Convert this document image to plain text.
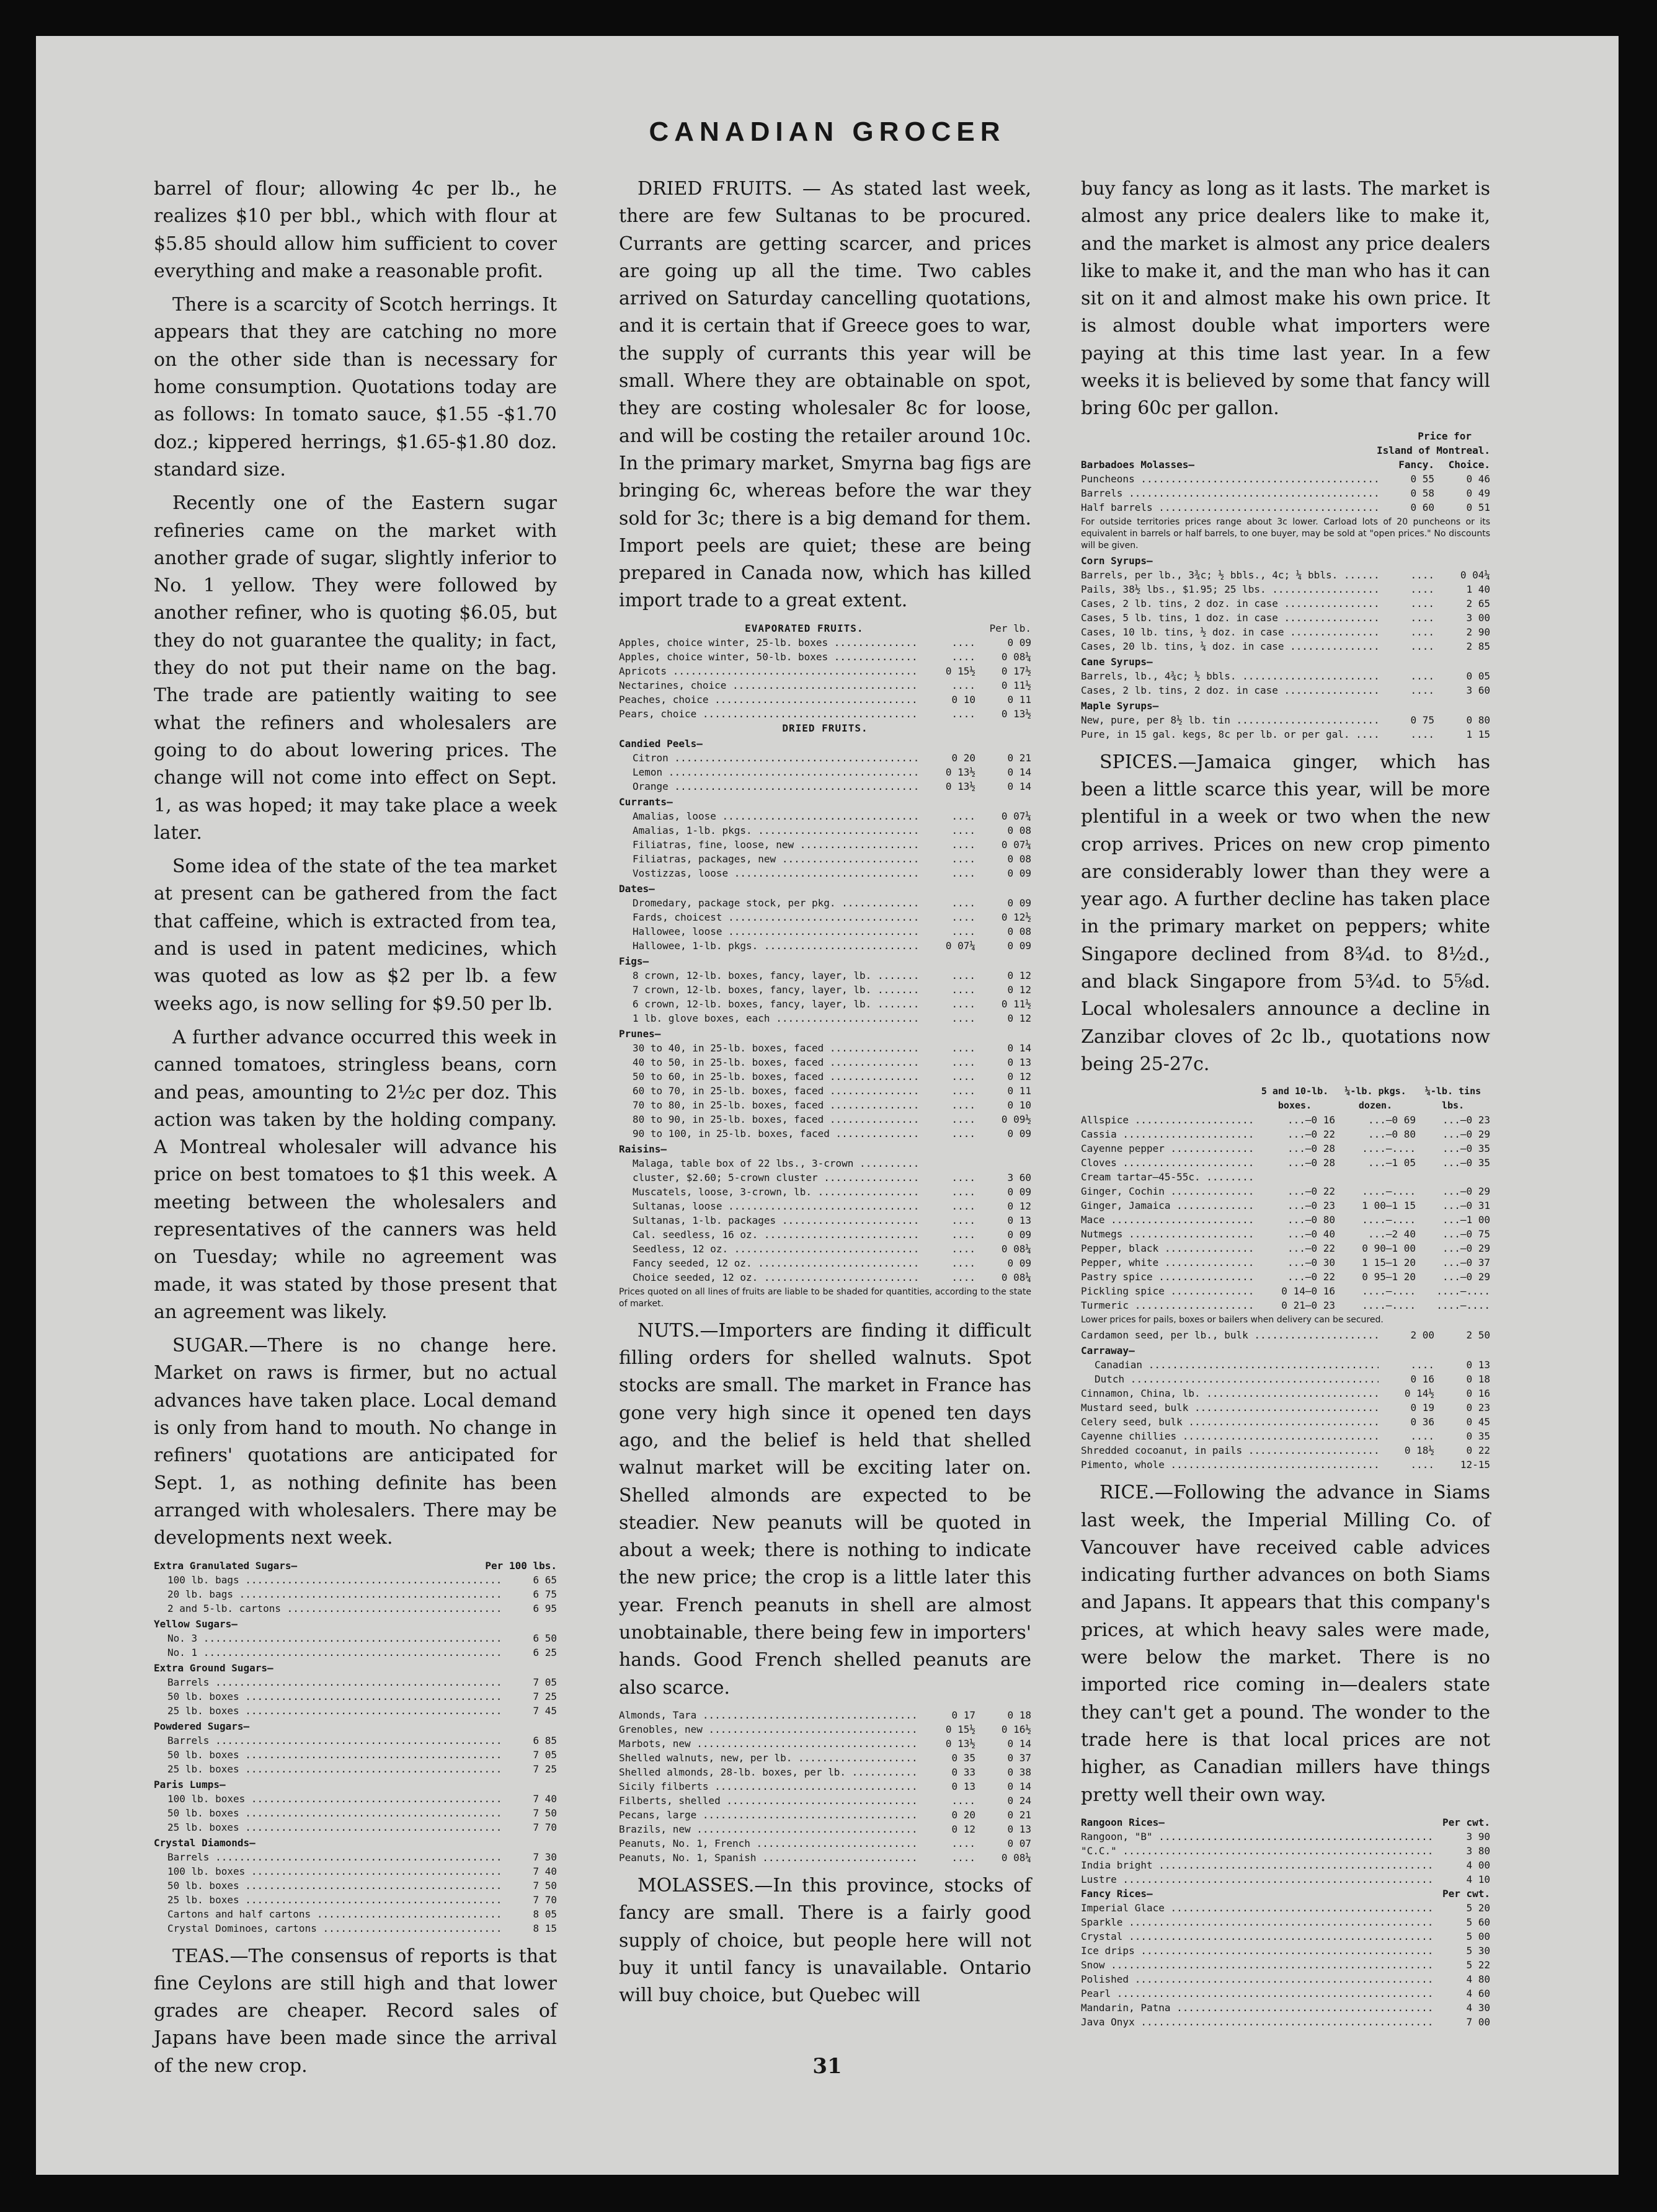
CANADIAN GROCER

barrel of flour; allowing 4c per lb., he realizes $10 per bbl., which with flour at $5.85 should allow him sufficient to cover everything and make a reasonable profit.

There is a scarcity of Scotch herrings. It appears that they are catching no more on the other side than is necessary for home consumption. Quotations today are as follows: In tomato sauce, $1.55 -$1.70 doz.; kippered herrings, $1.65-$1.80 doz. standard size.

Recently one of the Eastern sugar refineries came on the market with another grade of sugar, slightly inferior to No. 1 yellow. They were followed by another refiner, who is quoting $6.05, but they do not guarantee the quality; in fact, they do not put their name on the bag. The trade are patiently waiting to see what the refiners and wholesalers are going to do about lowering prices. The change will not come into effect on Sept. 1, as was hoped; it may take place a week later.

Some idea of the state of the tea market at present can be gathered from the fact that caffeine, which is extracted from tea, and is used in patent medicines, which was quoted as low as $2 per lb. a few weeks ago, is now selling for $9.50 per lb.

A further advance occurred this week in canned tomatoes, stringless beans, corn and peas, amounting to 2½c per doz. This action was taken by the holding company. A Montreal wholesaler will advance his price on best tomatoes to $1 this week. A meeting between the wholesalers and representatives of the canners was held on Tuesday; while no agreement was made, it was stated by those present that an agreement was likely.

SUGAR.—There is no change here. Market on raws is firmer, but no actual advances have taken place. Local demand is only from hand to mouth. No change in refiners' quotations are anticipated for Sept. 1, as nothing definite has been arranged with wholesalers. There may be developments next week.

Extra Granulated Sugars—	Per 100 lbs.
100 lb. bags .....	6 65
20 lb. bags .....	6 75
2 and 5-lb. cartons .....	6 95
Yellow Sugars—
No. 3 .....	6 50
No. 1 .....	6 25
Extra Ground Sugars—
Barrels .....	7 05
50 lb. boxes .....	7 25
25 lb. boxes .....	7 45
Powdered Sugars—
Barrels .....	6 85
50 lb. boxes .....	7 05
25 lb. boxes .....	7 25
Paris Lumps—
100 lb. boxes .....	7 40
50 lb. boxes .....	7 50
25 lb. boxes .....	7 70
Crystal Diamonds—
Barrels .....	7 30
100 lb. boxes .....	7 40
50 lb. boxes .....	7 50
25 lb. boxes .....	7 70
Cartons and half cartons .....	8 05
Crystal Dominoes, cartons .....	8 15

TEAS.—The consensus of reports is that fine Ceylons are still high and that lower grades are cheaper. Record sales of Japans have been made since the arrival of the new crop.

DRIED FRUITS. — As stated last week, there are few Sultanas to be procured. Currants are getting scarcer, and prices are going up all the time. Two cables arrived on Saturday cancelling quotations, and it is certain that if Greece goes to war, the supply of currants this year will be small. Where they are obtainable on spot, they are costing wholesaler 8c for loose, and will be costing the retailer around 10c. In the primary market, Smyrna bag figs are bringing 6c, whereas before the war they sold for 3c; there is a big demand for them. Import peels are quiet; these are being prepared in Canada now, which has killed import trade to a great extent.

EVAPORATED FRUITS.	Per lb.
Apples, choice winter, 25-lb. boxes .....	....	0 09
Apples, choice winter, 50-lb. boxes .....	....	0 08¼
Apricots .....	0 15½	0 17½
Nectarines, choice .....	....	0 11½
Peaches, choice .....	0 10	0 11
Pears, choice .....	....	0 13½
DRIED FRUITS.
Candied Peels—
Citron .....	0 20	0 21
Lemon .....	0 13½	0 14
Orange .....	0 13½	0 14
Currants—
Amalias, loose .....	....	0 07¼
Amalias, 1-lb. pkgs. .....	....	0 08
Filiatras, fine, loose, new .....	....	0 07¼
Filiatras, packages, new .....	....	0 08
Vostizzas, loose .....	....	0 09
Dates—
Dromedary, package stock, per pkg. .....	....	0 09
Fards, choicest .....	....	0 12½
Hallowee, loose .....	....	0 08
Hallowee, 1-lb. pkgs. .....	0 07¼	0 09
Figs—
8 crown, 12-lb. boxes, fancy, layer, lb. .....	....	0 12
7 crown, 12-lb. boxes, fancy, layer, lb. .....	....	0 12
6 crown, 12-lb. boxes, fancy, layer, lb. .....	....	0 11½
1 lb. glove boxes, each .....	....	0 12
Prunes—
30 to 40, in 25-lb. boxes, faced .....	....	0 14
40 to 50, in 25-lb. boxes, faced .....	....	0 13
50 to 60, in 25-lb. boxes, faced .....	....	0 12
60 to 70, in 25-lb. boxes, faced .....	....	0 11
70 to 80, in 25-lb. boxes, faced .....	....	0 10
80 to 90, in 25-lb. boxes, faced .....	....	0 09½
90 to 100, in 25-lb. boxes, faced .....	....	0 09
Raisins—
Malaga, table box of 22 lbs., 3-crown .....
cluster, $2.60; 5-crown cluster .....	....	3 60
Muscatels, loose, 3-crown, lb. .....	....	0 09
Sultanas, loose .....	....	0 12
Sultanas, 1-lb. packages .....	....	0 13
Cal. seedless, 16 oz. .....	....	0 09
Seedless, 12 oz. .....	....	0 08¼
Fancy seeded, 12 oz. .....	....	0 09
Choice seeded, 12 oz. .....	....	0 08¼
Prices quoted on all lines of fruits are liable to be shaded for quantities, according to the state of market.

NUTS.—Importers are finding it difficult filling orders for shelled walnuts. Spot stocks are small. The market in France has gone very high since it opened ten days ago, and the belief is held that shelled walnut market will be exciting later on. Shelled almonds are expected to be steadier. New peanuts will be quoted in about a week; there is nothing to indicate the new price; the crop is a little later this year. French peanuts in shell are almost unobtainable, there being few in importers' hands. Good French shelled peanuts are also scarce.

Almonds, Tara .....	0 17	0 18
Grenobles, new .....	0 15½	0 16½
Marbots, new .....	0 13½	0 14
Shelled walnuts, new, per lb. .....	0 35	0 37
Shelled almonds, 28-lb. boxes, per lb. .....	0 33	0 38
Sicily filberts .....	0 13	0 14
Filberts, shelled .....	....	0 24
Pecans, large .....	0 20	0 21
Brazils, new .....	0 12	0 13
Peanuts, No. 1, French .....	....	0 07
Peanuts, No. 1, Spanish .....	....	0 08¼

MOLASSES.—In this province, stocks of fancy are small. There is a fairly good supply of choice, but people here will not buy it until fancy is unavailable. Ontario will buy choice, but Quebec will

buy fancy as long as it lasts. The market is almost any price dealers like to make it, and the market is almost any price dealers like to make it, and the man who has it can sit on it and almost make his own price. It is almost double what importers were paying at this time last year. In a few weeks it is believed by some that fancy will bring 60c per gallon.

Price for
Island of Montreal.
Barbadoes Molasses—	Fancy.	Choice.
Puncheons .....	0 55	0 46
Barrels .....	0 58	0 49
Half barrels .....	0 60	0 51
For outside territories prices range about 3c lower. Carload lots of 20 puncheons or its equivalent in barrels or half barrels, to one buyer, may be sold at "open prices." No discounts will be given.
Corn Syrups—
Barrels, per lb., 3¾c; ½ bbls., 4c; ¼ bbls. .....	....	0 04¼
Pails, 38½ lbs., $1.95; 25 lbs. .....	....	1 40
Cases, 2 lb. tins, 2 doz. in case .....	....	2 65
Cases, 5 lb. tins, 1 doz. in case .....	....	3 00
Cases, 10 lb. tins, ½ doz. in case .....	....	2 90
Cases, 20 lb. tins, ¼ doz. in case .....	....	2 85
Cane Syrups—
Barrels, lb., 4¾c; ½ bbls. .....	....	0 05
Cases, 2 lb. tins, 2 doz. in case .....	....	3 60
Maple Syrups—
New, pure, per 8½ lb. tin .....	0 75	0 80
Pure, in 15 gal. kegs, 8c per lb. or per gal. .....	....	1 15

SPICES.—Jamaica ginger, which has been a little scarce this year, will be more plentiful in a week or two when the new crop arrives. Prices on new crop pimento are considerably lower than they were a year ago. A further decline has taken place in the primary market on peppers; white Singapore declined from 8¾d. to 8½d., and black Singapore from 5¾d. to 5⅝d. Local wholesalers announce a decline in Zanzibar cloves of 2c lb., quotations now being 25-27c.

5 and 10-lb.	¼-lb. pkgs.	¼-lb. tins
boxes.	dozen.	lbs.
Allspice .....	...—0 16	...—0 69	...—0 23
Cassia .....	...—0 22	...—0 80	...—0 29
Cayenne pepper .....	...—0 28	....—....	...—0 35
Cloves .....	...—0 28	...—1 05	...—0 35
Cream tartar—45-55c. .....
Ginger, Cochin .....	...—0 22	....—....	...—0 29
Ginger, Jamaica .....	...—0 23	1 00—1 15	...—0 31
Mace .....	...—0 80	....—....	...—1 00
Nutmegs .....	...—0 40	...—2 40	...—0 75
Pepper, black .....	...—0 22	0 90—1 00	...—0 29
Pepper, white .....	...—0 30	1 15—1 20	...—0 37
Pastry spice .....	...—0 22	0 95—1 20	...—0 29
Pickling spice .....	0 14—0 16	....—....	....—....
Turmeric .....	0 21—0 23	....—....	....—....
Lower prices for pails, boxes or bailers when delivery can be secured.
Cardamon seed, per lb., bulk .....	2 00	2 50
Carraway—
Canadian .....	....	0 13
Dutch .....	0 16	0 18
Cinnamon, China, lb. .....	0 14½	0 16
Mustard seed, bulk .....	0 19	0 23
Celery seed, bulk .....	0 36	0 45
Cayenne chillies .....	....	0 35
Shredded cocoanut, in pails .....	0 18½	0 22
Pimento, whole .....	....	12-15

RICE.—Following the advance in Siams last week, the Imperial Milling Co. of Vancouver have received cable advices indicating further advances on both Siams and Japans. It appears that this company's prices, at which heavy sales were made, were below the market. There is no imported rice coming in—dealers state they can't get a pound. The wonder to the trade here is that local prices are not higher, as Canadian millers have things pretty well their own way.

Rangoon Rices—	Per cwt.
Rangoon, "B" .....	3 90
"C.C." .....	3 80
India bright .....	4 00
Lustre .....	4 10
Fancy Rices—	Per cwt.
Imperial Glace .....	5 20
Sparkle .....	5 60
Crystal .....	5 00
Ice drips .....	5 30
Snow .....	5 22
Polished .....	4 80
Pearl .....	4 60
Mandarin, Patna .....	4 30
Java Onyx .....	7 00
31
